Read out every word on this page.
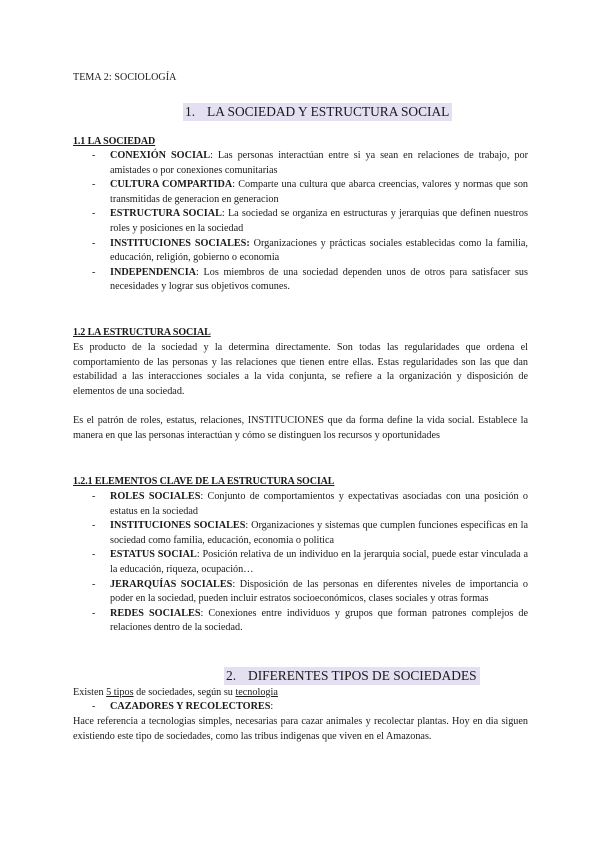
TEMA 2: SOCIOLOGÍA
1. LA SOCIEDAD Y ESTRUCTURA SOCIAL
1.1 LA SOCIEDAD
- CONEXIÓN SOCIAL: Las personas interactúan entre si ya sean en relaciones de trabajo, por amistades o por conexiones comunitarias
- CULTURA COMPARTIDA: Comparte una cultura que abarca creencias, valores y normas que son transmitidas de generacion en generacion
- ESTRUCTURA SOCIAL: La sociedad se organiza en estructuras y jerarquias que definen nuestros roles y posiciones en la sociedad
- INSTITUCIONES SOCIALES: Organizaciones y prácticas sociales establecidas como la familia, educación, religión, gobierno o economia
- INDEPENDENCIA: Los miembros de una sociedad dependen unos de otros para satisfacer sus necesidades y lograr sus objetivos comunes.
1.2 LA ESTRUCTURA SOCIAL
Es producto de la sociedad y la determina directamente. Son todas las regularidades que ordena el comportamiento de las personas y las relaciones que tienen entre ellas. Estas regularidades son las que dan estabilidad a las interacciones sociales a la vida conjunta, se refiere a la organización y disposición de elementos de una sociedad.
Es el patrón de roles, estatus, relaciones, INSTITUCIONES que da forma define la vida social. Establece la manera en que las personas interactúan y cómo se distinguen los recursos y oportunidades
1.2.1 ELEMENTOS CLAVE DE LA ESTRUCTURA SOCIAL
- ROLES SOCIALES: Conjunto de comportamientos y expectativas asociadas con una posición o estatus en la sociedad
- INSTITUCIONES SOCIALES: Organizaciones y sistemas que cumplen funciones especificas en la sociedad como familia, educación, economia o politica
- ESTATUS SOCIAL: Posición relativa de un individuo en la jerarquia social, puede estar vinculada a la educación, riqueza, ocupación…
- JERARQUÍAS SOCIALES: Disposición de las personas en diferentes niveles de importancia o poder en la sociedad, pueden incluir estratos socioeconómicos, clases sociales y otras formas
- REDES SOCIALES: Conexiones entre individuos y grupos que forman patrones complejos de relaciones dentro de la sociedad.
2. DIFERENTES TIPOS DE SOCIEDADES
Existen 5 tipos de sociedades, según su tecnologia
- CAZADORES Y RECOLECTORES:
Hace referencia a tecnologias simples, necesarias para cazar animales y recolectar plantas. Hoy en dia siguen existiendo este tipo de sociedades, como las tribus indigenas que viven en el Amazonas.
